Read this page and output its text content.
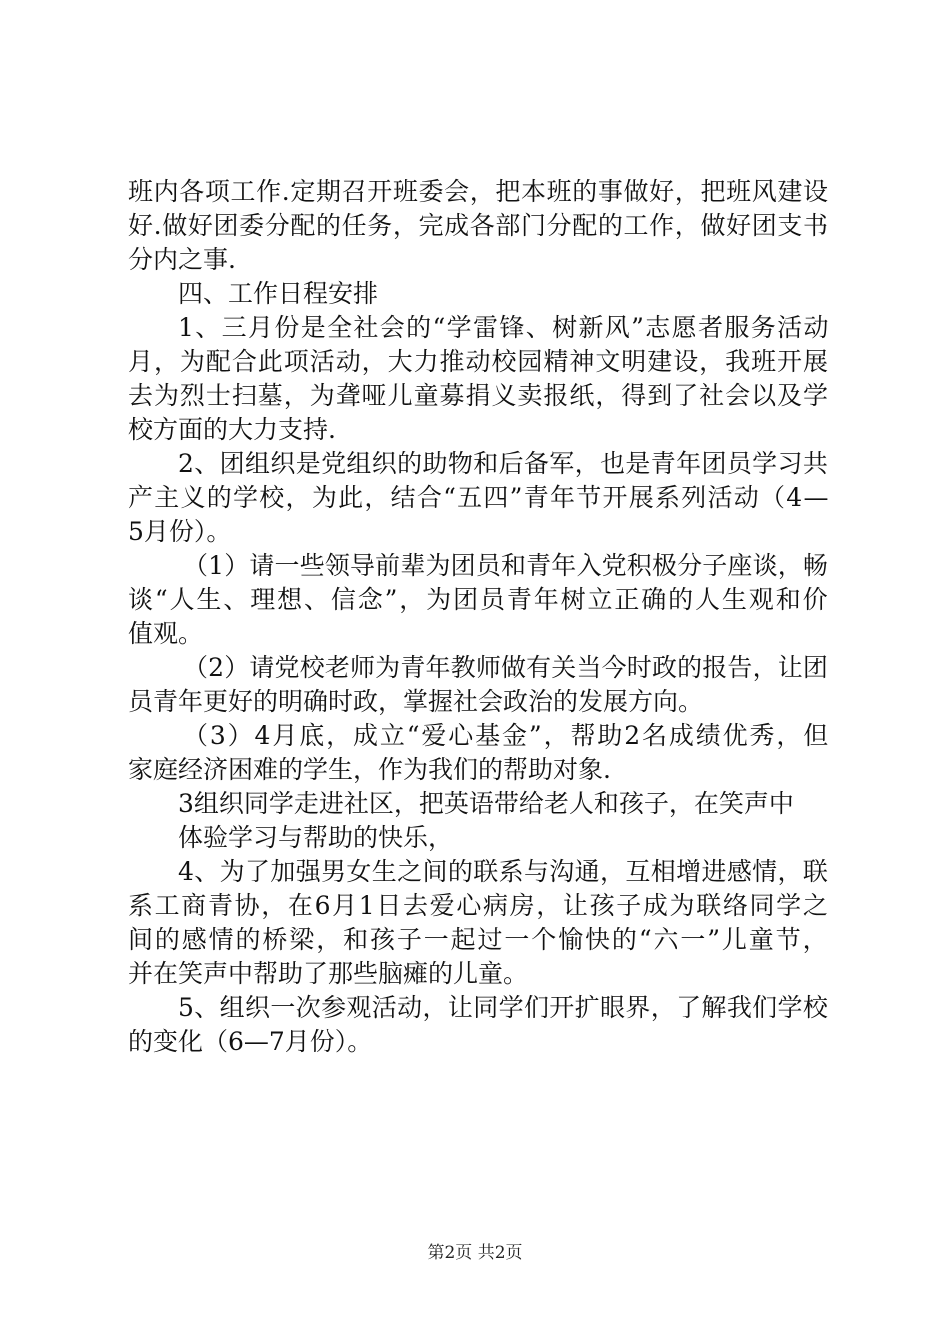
班内各项工作.定期召开班委会，把本班的事做好，把班风建设
好.做好团委分配的任务，完成各部门分配的工作，做好团支书
分内之事.
四、工作日程安排
1、三月份是全社会的“学雷锋、树新风”志愿者服务活动
月，为配合此项活动，大力推动校园精神文明建设，我班开展
去为烈士扫墓，为聋哑儿童募捐义卖报纸，得到了社会以及学
校方面的大力支持.
2、团组织是党组织的助物和后备军，也是青年团员学习共
产主义的学校，为此，结合“五四”青年节开展系列活动（4—
5月份）。
（1）请一些领导前辈为团员和青年入党积极分子座谈，畅
谈“人生、理想、信念”，为团员青年树立正确的人生观和价
值观。
（2）请党校老师为青年教师做有关当今时政的报告，让团
员青年更好的明确时政，掌握社会政治的发展方向。
（3）4月底，成立“爱心基金”，帮助2名成绩优秀，但
家庭经济困难的学生，作为我们的帮助对象.
3组织同学走进社区，把英语带给老人和孩子，在笑声中
体验学习与帮助的快乐，
4、为了加强男女生之间的联系与沟通，互相增进感情，联
系工商青协，在6月1日去爱心病房，让孩子成为联络同学之
间的感情的桥梁，和孩子一起过一个愉快的“六一”儿童节，
并在笑声中帮助了那些脑瘫的儿童。
5、组织一次参观活动，让同学们开扩眼界，了解我们学校
的变化（6—7月份）。
第2页 共2页
